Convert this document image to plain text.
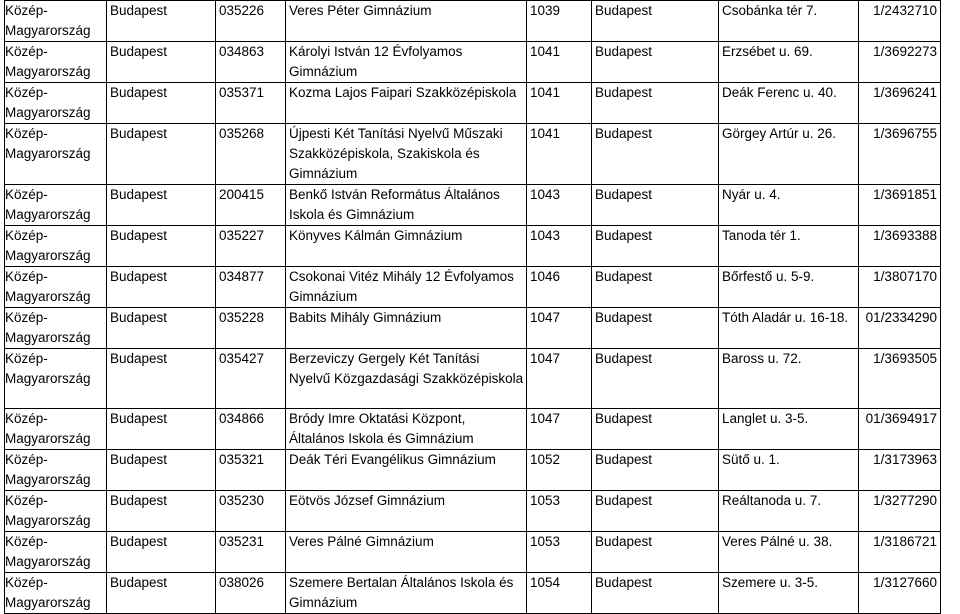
Közép-Magyarország	Budapest	035226	Veres Péter Gimnázium	1039	Budapest	Csobánka tér 7.	1/2432710
Közép-Magyarország	Budapest	034863	Károlyi István 12 Évfolyamos Gimnázium	1041	Budapest	Erzsébet u. 69.	1/3692273
Közép-Magyarország	Budapest	035371	Kozma Lajos Faipari Szakközépiskola	1041	Budapest	Deák Ferenc u. 40.	1/3696241
Közép-Magyarország	Budapest	035268	Újpesti Két Tanítási Nyelvű Műszaki Szakközépiskola, Szakiskola és Gimnázium	1041	Budapest	Görgey Artúr u. 26.	1/3696755
Közép-Magyarország	Budapest	200415	Benkő István Református Általános Iskola és Gimnázium	1043	Budapest	Nyár u. 4.	1/3691851
Közép-Magyarország	Budapest	035227	Könyves Kálmán Gimnázium	1043	Budapest	Tanoda tér 1.	1/3693388
Közép-Magyarország	Budapest	034877	Csokonai Vitéz Mihály 12 Évfolyamos Gimnázium	1046	Budapest	Bőrfestő u. 5-9.	1/3807170
Közép-Magyarország	Budapest	035228	Babits Mihály Gimnázium	1047	Budapest	Tóth Aladár u. 16-18.	01/2334290
Közép-Magyarország	Budapest	035427	Berzeviczy Gergely Két Tanítási Nyelvű Közgazdasági Szakközépiskola	1047	Budapest	Baross u. 72.	1/3693505
Közép-Magyarország	Budapest	034866	Bródy Imre Oktatási Központ, Általános Iskola és Gimnázium	1047	Budapest	Langlet u. 3-5.	01/3694917
Közép-Magyarország	Budapest	035321	Deák Téri Evangélikus Gimnázium	1052	Budapest	Sütő u. 1.	1/3173963
Közép-Magyarország	Budapest	035230	Eötvös József Gimnázium	1053	Budapest	Reáltanoda u. 7.	1/3277290
Közép-Magyarország	Budapest	035231	Veres Pálné Gimnázium	1053	Budapest	Veres Pálné u. 38.	1/3186721
Közép-Magyarország	Budapest	038026	Szemere Bertalan Általános Iskola és Gimnázium	1054	Budapest	Szemere u. 3-5.	1/3127660
